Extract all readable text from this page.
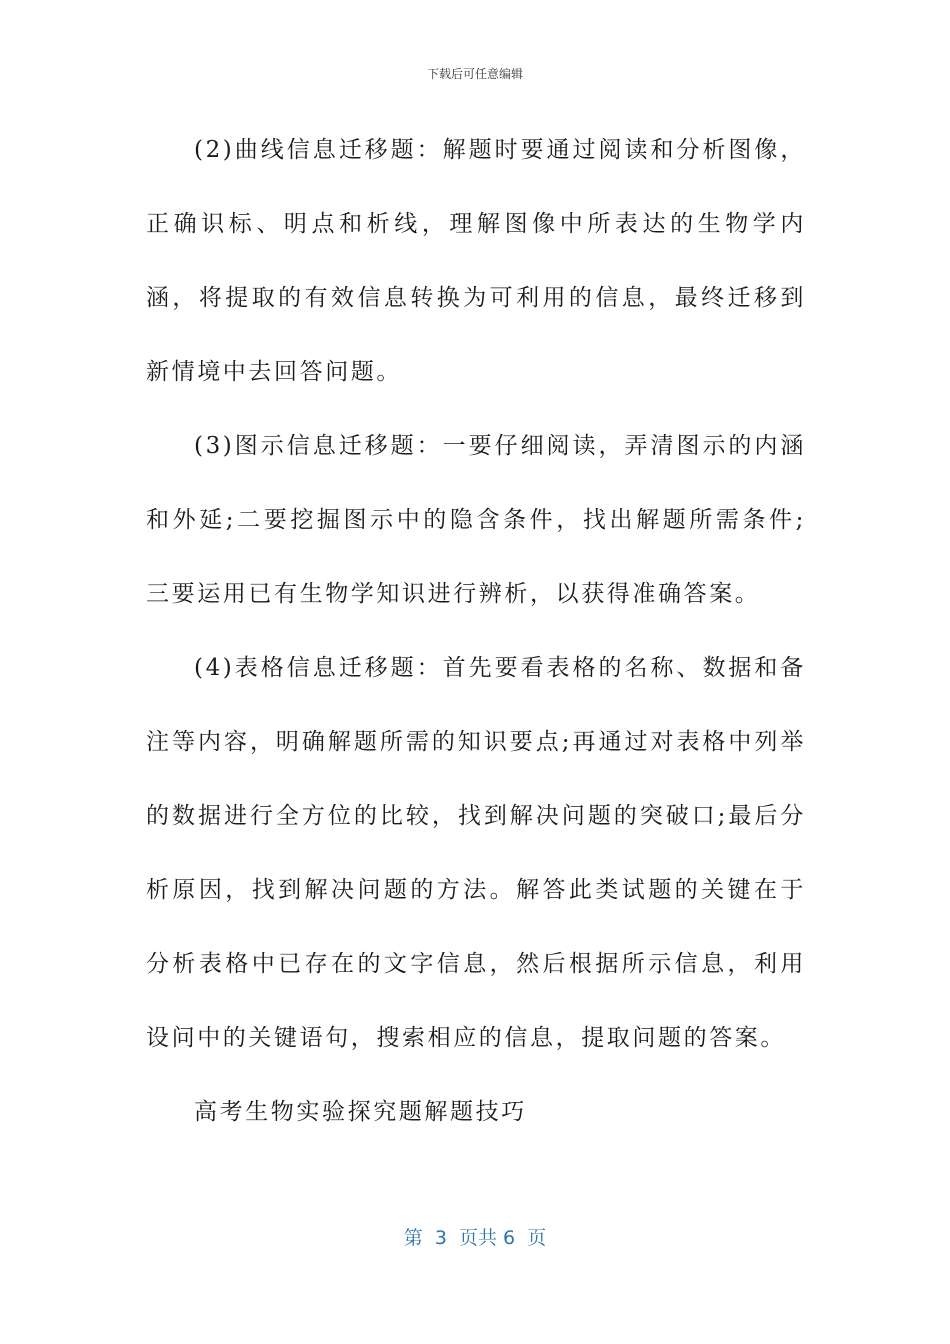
下载后可任意编辑

(2)曲线信息迁移题：解题时要通过阅读和分析图像，正确识标、明点和析线，理解图像中所表达的生物学内涵，将提取的有效信息转换为可利用的信息，最终迁移到新情境中去回答问题。

(3)图示信息迁移题：一要仔细阅读，弄清图示的内涵和外延;二要挖掘图示中的隐含条件，找出解题所需条件;三要运用已有生物学知识进行辨析，以获得准确答案。

(4)表格信息迁移题：首先要看表格的名称、数据和备注等内容，明确解题所需的知识要点;再通过对表格中列举的数据进行全方位的比较，找到解决问题的突破口;最后分析原因，找到解决问题的方法。解答此类试题的关键在于分析表格中已存在的文字信息，然后根据所示信息，利用设问中的关键语句，搜索相应的信息，提取问题的答案。

高考生物实验探究题解题技巧

第  3  页共 6  页
